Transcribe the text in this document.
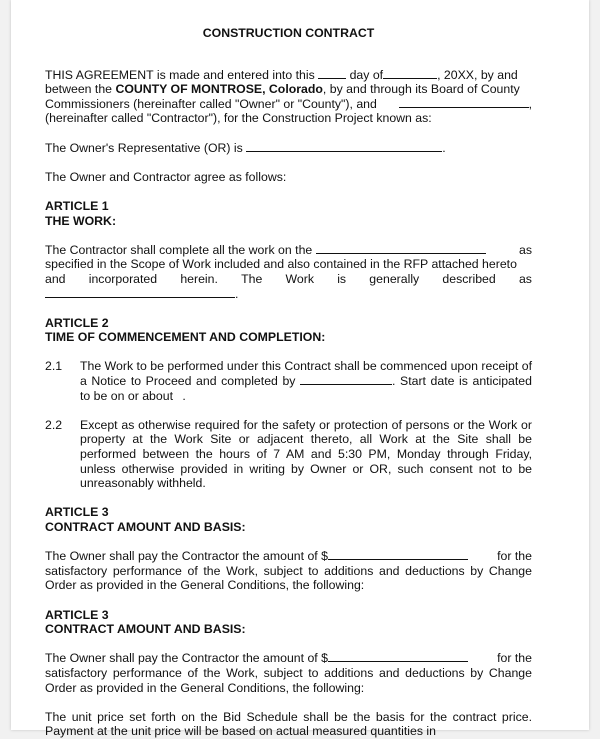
CONSTRUCTION CONTRACT

THIS AGREEMENT is made and entered into this	day of	, 20XX, by and
between the COUNTY OF MONTROSE, Colorado, by and through its Board of County
Commissioners (hereinafter called "Owner" or "County"), and	,
(hereinafter called "Contractor"), for the Construction Project known as:

The Owner's Representative (OR) is	.

The Owner and Contractor agree as follows:

ARTICLE 1

THE WORK:

The Contractor shall complete all the work on the	as
specified in the Scope of Work included and also contained in the RFP attached hereto
and incorporated herein. The Work is generally described as
.

ARTICLE 2

TIME OF COMMENCEMENT AND COMPLETION:

2.1	The Work to be performed under this Contract shall be commenced upon receipt of a Notice to Proceed and completed by	. Start date is anticipated to be on or about .
2.2	Except as otherwise required for the safety or protection of persons or the Work or property at the Work Site or adjacent thereto, all Work at the Site shall be performed between the hours of 7 AM and 5:30 PM, Monday through Friday, unless otherwise provided in writing by Owner or OR, such consent not to be unreasonably withheld.

ARTICLE 3

CONTRACT AMOUNT AND BASIS:

The Owner shall pay the Contractor the amount of $	for the
satisfactory performance of the Work, subject to additions and deductions by Change Order as provided in the General Conditions, the following:

ARTICLE 3

CONTRACT AMOUNT AND BASIS:

The Owner shall pay the Contractor the amount of $	for the
satisfactory performance of the Work, subject to additions and deductions by Change Order as provided in the General Conditions, the following:

The unit price set forth on the Bid Schedule shall be the basis for the contract price. Payment at the unit price will be based on actual measured quantities in
